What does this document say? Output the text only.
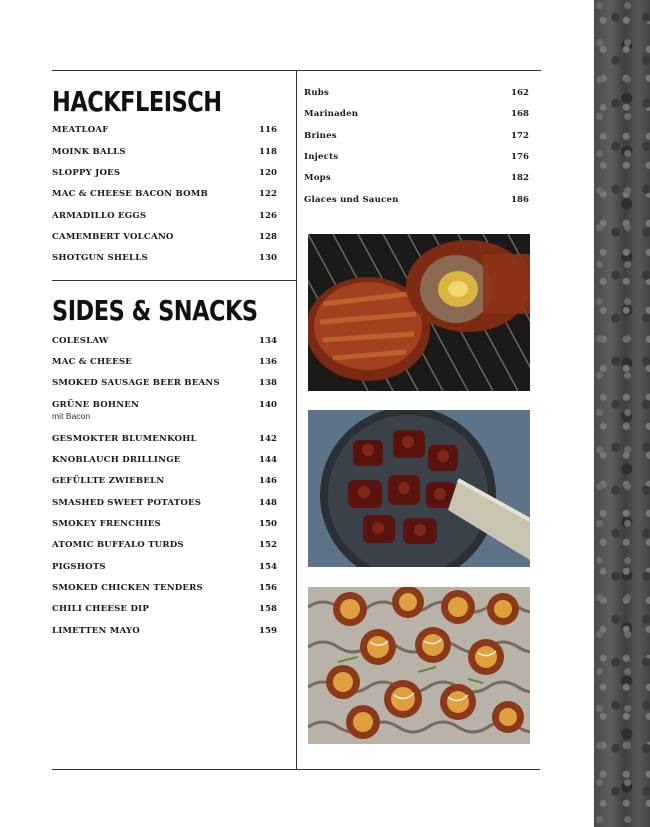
HACKFLEISCH
MEATLOAF	116
MOINK BALLS	118
SLOPPY JOES	120
MAC & CHEESE BACON BOMB	122
ARMADILLO EGGS	126
CAMEMBERT VOLCANO	128
SHOTGUN SHELLS	130
SIDES & SNACKS
COLESLAW	134
MAC & CHEESE	136
SMOKED SAUSAGE BEER BEANS	138
GRÜNE BOHNEN	140
mit Bacon
GESMOKTER BLUMENKOHL	142
KNOBLAUCH DRILLINGE	144
GEFÜLLTE ZWIEBELN	146
SMASHED SWEET POTATOES	148
SMOKEY FRENCHIES	150
ATOMIC BUFFALO TURDS	152
PIGSHOTS	154
SMOKED CHICKEN TENDERS	156
CHILI CHEESE DIP	158
LIMETTEN MAYO	159
Rubs	162
Marinaden	168
Brines	172
Injects	176
Mops	182
Glaces und Saucen	186
